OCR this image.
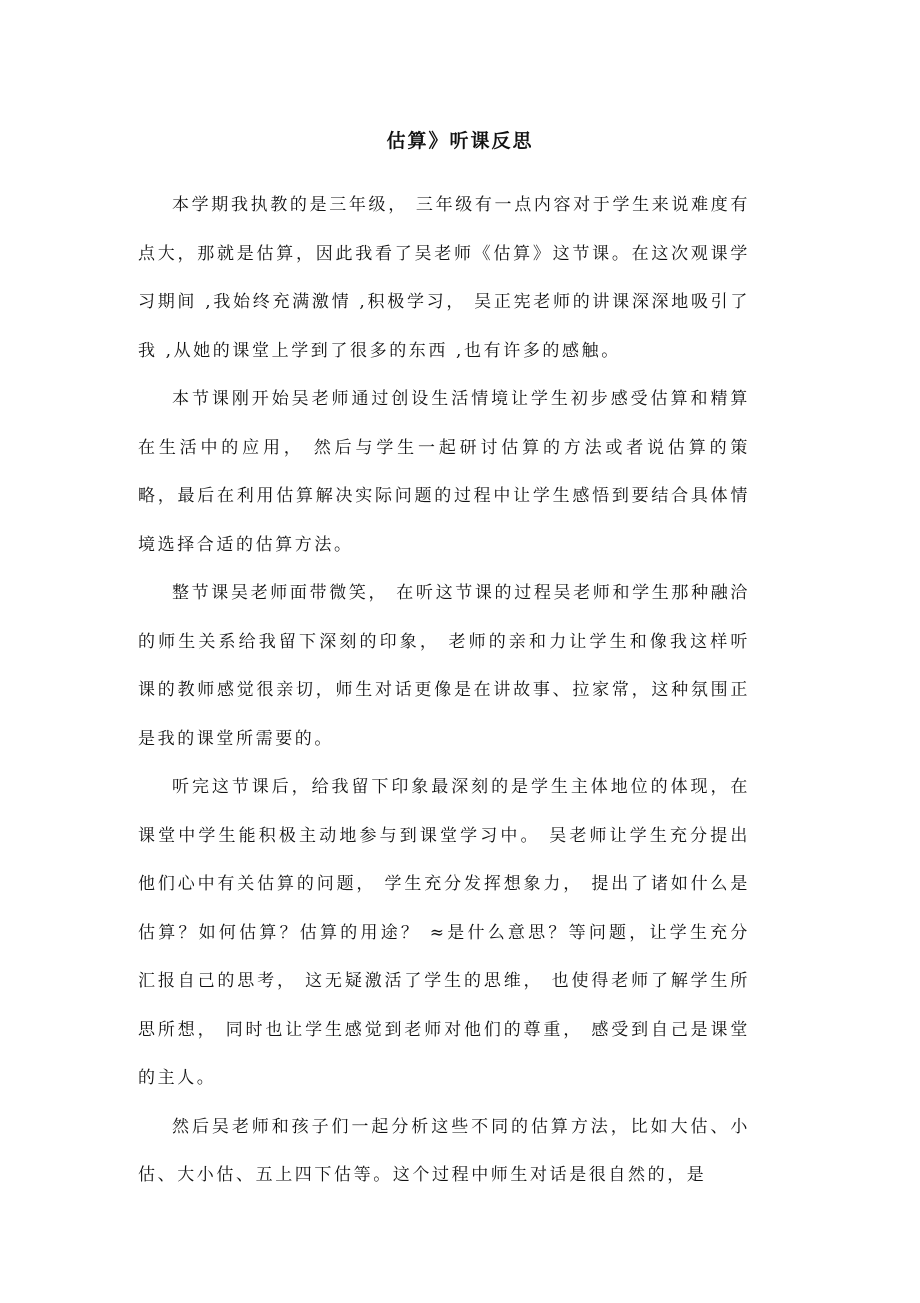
估算》听课反思

本学期我执教的是三年级， 三年级有一点内容对于学生来说难度有点大，那就是估算，因此我看了吴老师《估算》这节课。在这次观课学习期间 ,我始终充满激情 ,积极学习， 吴正宪老师的讲课深深地吸引了我 ,从她的课堂上学到了很多的东西 ,也有许多的感触。

本节课刚开始吴老师通过创设生活情境让学生初步感受估算和精算在生活中的应用， 然后与学生一起研讨估算的方法或者说估算的策略，最后在利用估算解决实际问题的过程中让学生感悟到要结合具体情境选择合适的估算方法。

整节课吴老师面带微笑， 在听这节课的过程吴老师和学生那种融洽的师生关系给我留下深刻的印象， 老师的亲和力让学生和像我这样听课的教师感觉很亲切，师生对话更像是在讲故事、拉家常，这种氛围正是我的课堂所需要的。

听完这节课后，给我留下印象最深刻的是学生主体地位的体现，在课堂中学生能积极主动地参与到课堂学习中。 吴老师让学生充分提出他们心中有关估算的问题， 学生充分发挥想象力， 提出了诸如什么是估算？如何估算？估算的用途？ ≈是什么意思？等问题，让学生充分汇报自己的思考， 这无疑激活了学生的思维， 也使得老师了解学生所思所想， 同时也让学生感觉到老师对他们的尊重， 感受到自己是课堂的主人。

然后吴老师和孩子们一起分析这些不同的估算方法，比如大估、小估、大小估、五上四下估等。这个过程中师生对话是很自然的，是
